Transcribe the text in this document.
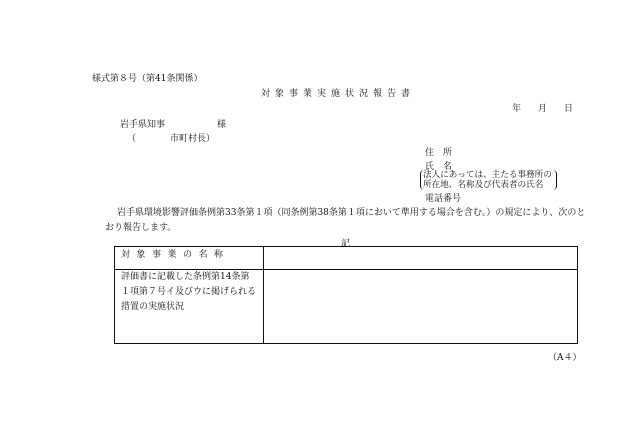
様式第８号（第41条関係）
対象事業実施状況報告書
年 月 日
岩手県知事	様
（	市町村長）
住　所
氏　名
法人にあっては、主たる事務所の
所在地、名称及び代表者の氏名
電話番号
岩手県環境影響評価条例第33条第１項（同条例第38条第１項において準用する場合を含む。）の規定により、次のとおり報告します。
記
対象事業の名称	
評価書に記載した条例第14条第１項第７号イ及びウに掲げられる措置の実施状況	
（A４）
